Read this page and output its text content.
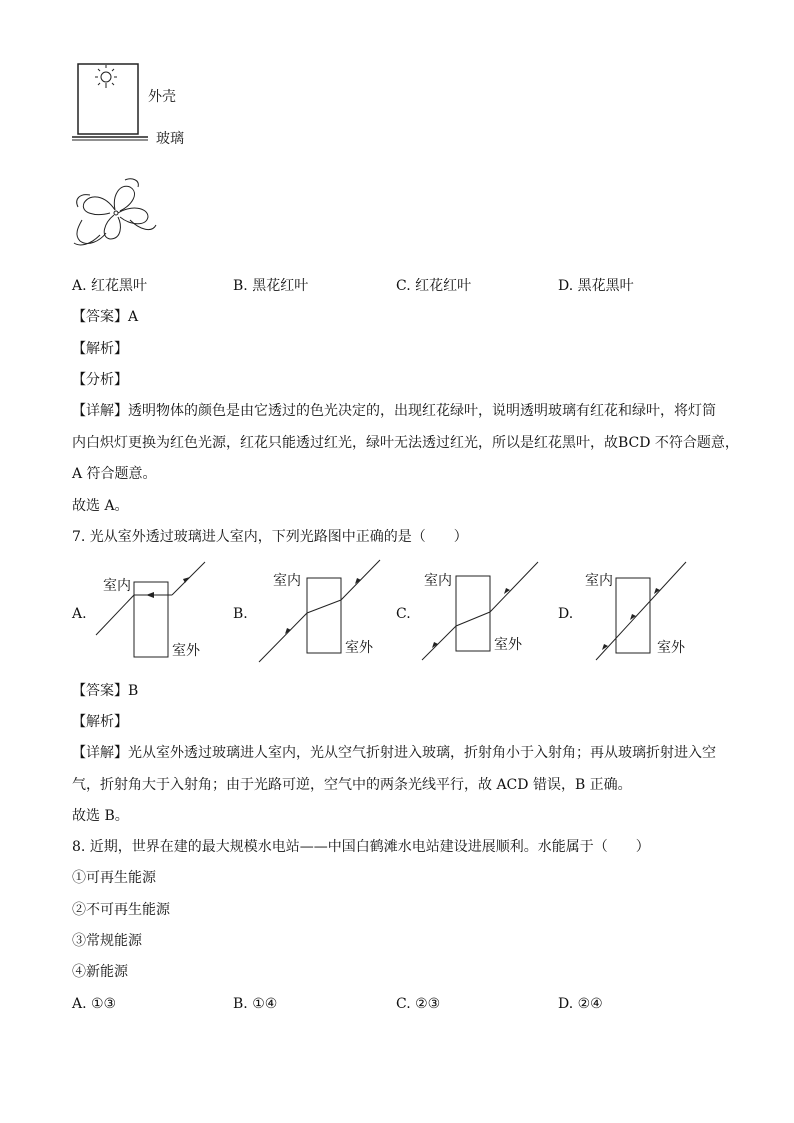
外壳
玻璃
A. 红花黑叶	B. 黑花红叶	C. 红花红叶	D. 黑花黑叶
【答案】A
【解析】
【分析】
【详解】透明物体的颜色是由它透过的色光决定的，出现红花绿叶，说明透明玻璃有红花和绿叶，将灯筒
内白炽灯更换为红色光源，红花只能透过红光，绿叶无法透过红光，所以是红花黑叶，故BCD 不符合题意，
A 符合题意。
故选 A。
7. 光从室外透过玻璃进人室内，下列光路图中正确的是（　　）
A.
室内
室外
B.
室内
室外
C.
室内
室外
D.
室内
室外
【答案】B
【解析】
【详解】光从室外透过玻璃进人室内，光从空气折射进入玻璃，折射角小于入射角；再从玻璃折射进入空
气，折射角大于入射角；由于光路可逆，空气中的两条光线平行，故 ACD 错误，B 正确。
故选 B。
8. 近期，世界在建的最大规模水电站——中国白鹤滩水电站建设进展顺利。水能属于（　　）
①可再生能源
②不可再生能源
③常规能源
④新能源
A. ①③	B. ①④	C. ②③	D. ②④
